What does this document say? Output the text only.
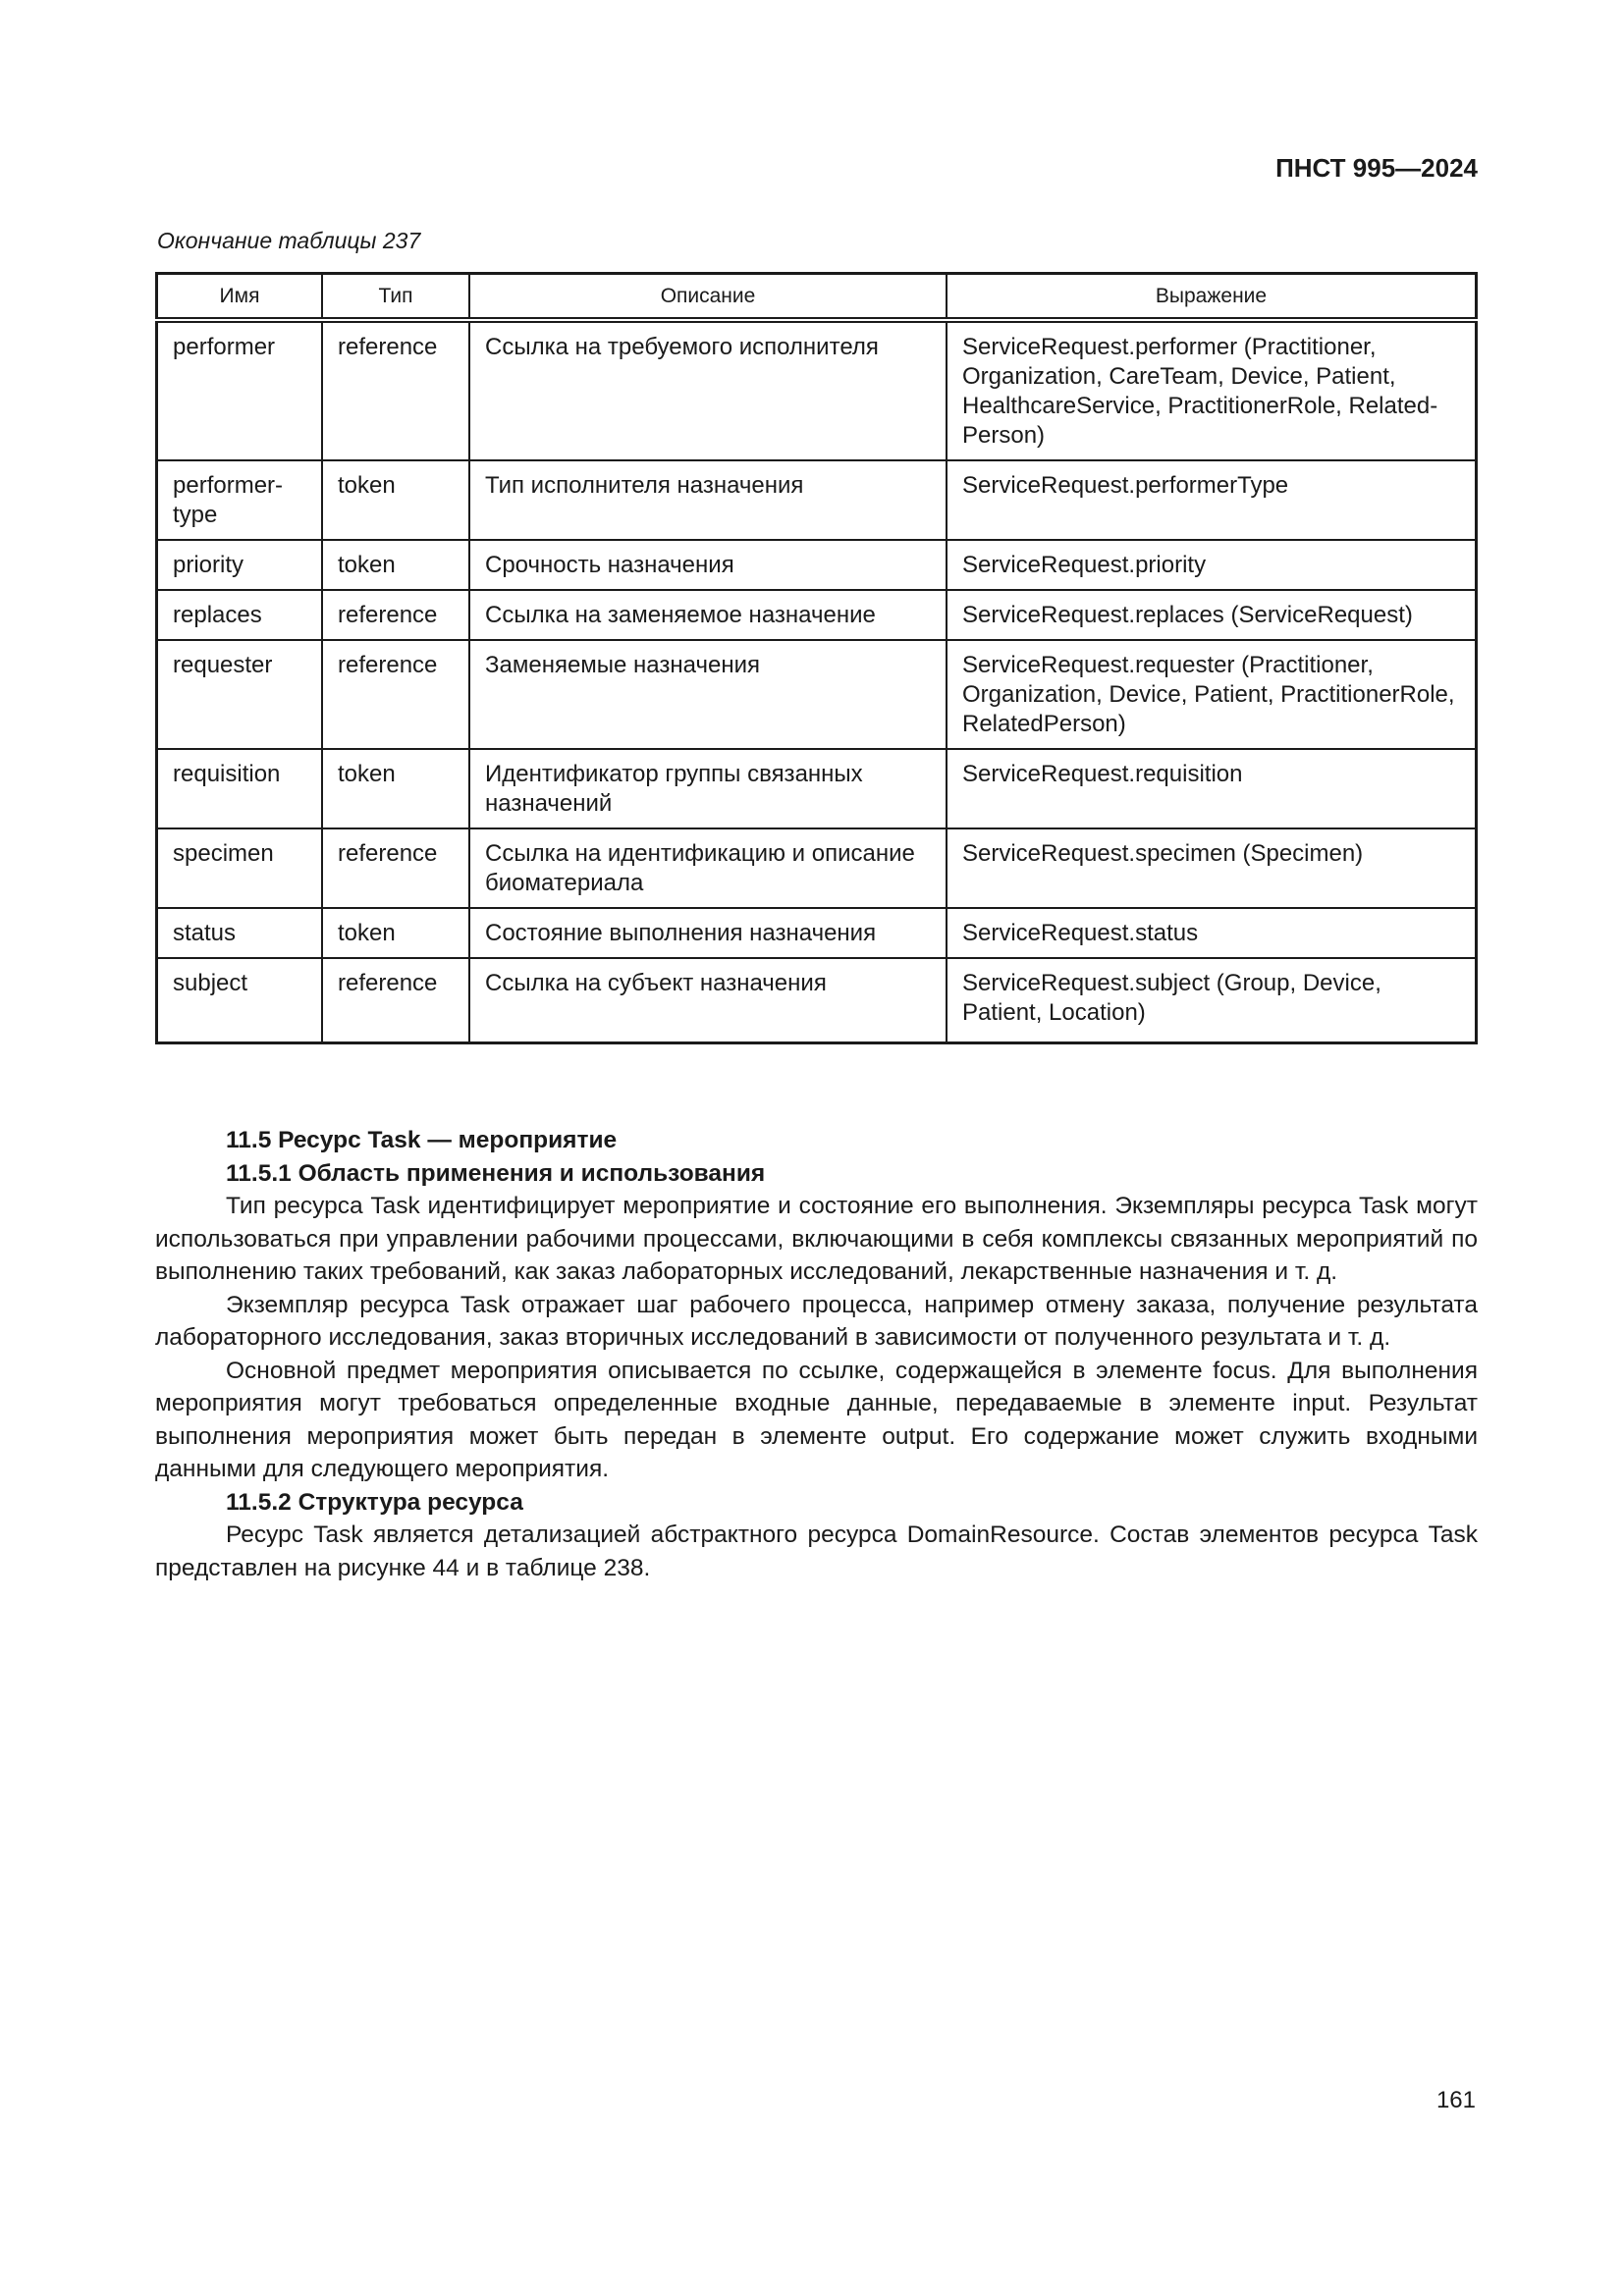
ПНСТ 995—2024
Окончание таблицы 237
Имя	Тип	Описание	Выражение
performer	reference	Ссылка на требуемого исполнителя	ServiceRequest.performer (Practitioner, Organization, CareTeam, Device, Patient, HealthcareService, PractitionerRole, RelatedPerson)
performer-type	token	Тип исполнителя назначения	ServiceRequest.performerType
priority	token	Срочность назначения	ServiceRequest.priority
replaces	reference	Ссылка на заменяемое назначение	ServiceRequest.replaces (ServiceRequest)
requester	reference	Заменяемые назначения	ServiceRequest.requester (Practitioner, Organization, Device, Patient, PractitionerRole, RelatedPerson)
requisition	token	Идентификатор группы связанных назначений	ServiceRequest.requisition
specimen	reference	Ссылка на идентификацию и описание биоматериала	ServiceRequest.specimen (Specimen)
status	token	Состояние выполнения назначения	ServiceRequest.status
subject	reference	Ссылка на субъект назначения	ServiceRequest.subject (Group, Device, Patient, Location)
11.5 Ресурс Task — мероприятие
11.5.1 Область применения и использования

Тип ресурса Task идентифицирует мероприятие и состояние его выполнения. Экземпляры ресурса Task могут использоваться при управлении рабочими процессами, включающими в себя комплексы связанных мероприятий по выполнению таких требований, как заказ лабораторных исследований, лекарственные назначения и т. д.

Экземпляр ресурса Task отражает шаг рабочего процесса, например отмену заказа, получение результата лабораторного исследования, заказ вторичных исследований в зависимости от полученного результата и т. д.

Основной предмет мероприятия описывается по ссылке, содержащейся в элементе focus. Для выполнения мероприятия могут требоваться определенные входные данные, передаваемые в элементе input. Результат выполнения мероприятия может быть передан в элементе output. Его содержание может служить входными данными для следующего мероприятия.

11.5.2 Структура ресурса

Ресурс Task является детализацией абстрактного ресурса DomainResource. Состав элементов ресурса Task представлен на рисунке 44 и в таблице 238.

161
